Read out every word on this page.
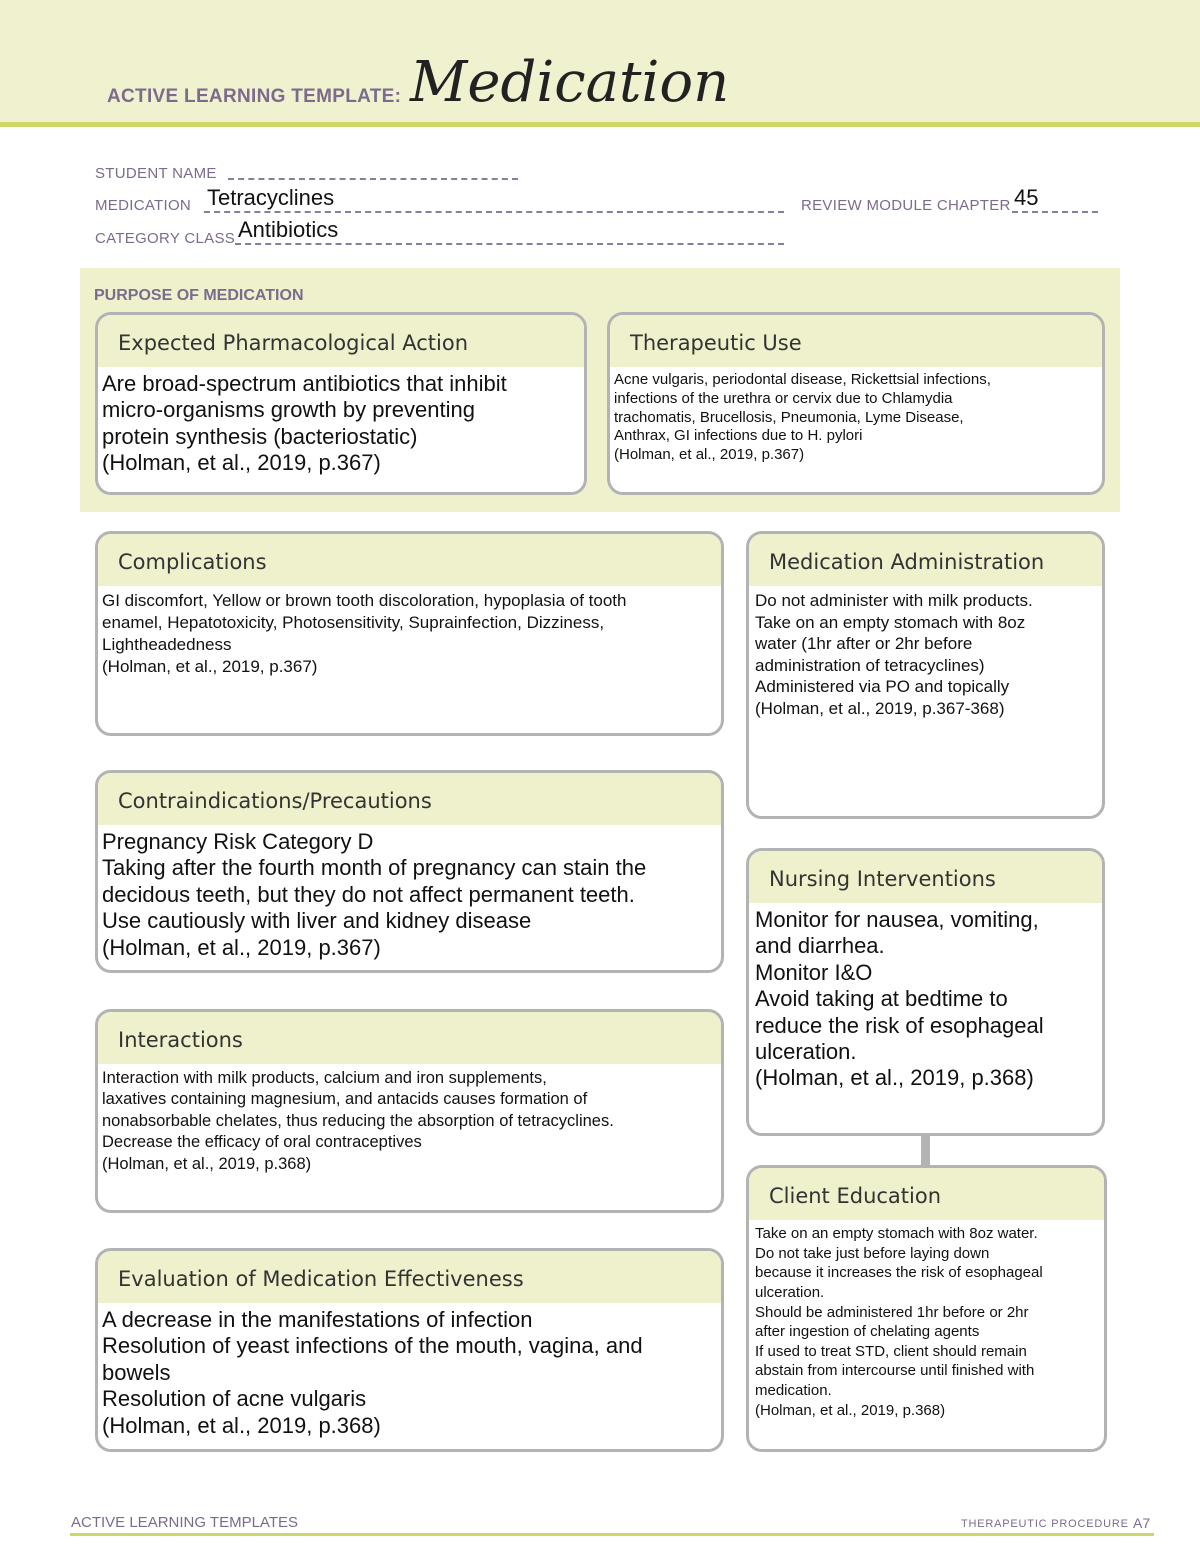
ACTIVE LEARNING TEMPLATE: Medication
STUDENT NAME
MEDICATION Tetracyclines	REVIEW MODULE CHAPTER 45
CATEGORY CLASS Antibiotics
PURPOSE OF MEDICATION
Expected Pharmacological Action
Are broad-spectrum antibiotics that inhibit
micro-organisms growth by preventing
protein synthesis (bacteriostatic)
(Holman, et al., 2019, p.367)
Therapeutic Use
Acne vulgaris, periodontal disease, Rickettsial infections,
infections of the urethra or cervix due to Chlamydia
trachomatis, Brucellosis, Pneumonia, Lyme Disease,
Anthrax, GI infections due to H. pylori
(Holman, et al., 2019, p.367)
Complications
GI discomfort, Yellow or brown tooth discoloration, hypoplasia of tooth
enamel, Hepatotoxicity, Photosensitivity, Suprainfection, Dizziness,
Lightheadedness
(Holman, et al., 2019, p.367)
Medication Administration
Do not administer with milk products.
Take on an empty stomach with 8oz
water (1hr after or 2hr before
administration of tetracyclines)
Administered via PO and topically
(Holman, et al., 2019, p.367-368)
Contraindications/Precautions
Pregnancy Risk Category D
Taking after the fourth month of pregnancy can stain the
decidous teeth, but they do not affect permanent teeth.
Use cautiously with liver and kidney disease
(Holman, et al., 2019, p.367)
Nursing Interventions
Monitor for nausea, vomiting,
and diarrhea.
Monitor I&O
Avoid taking at bedtime to
reduce the risk of esophageal
ulceration.
(Holman, et al., 2019, p.368)
Interactions
Interaction with milk products, calcium and iron supplements,
laxatives containing magnesium, and antacids causes formation of
nonabsorbable chelates, thus reducing the absorption of tetracyclines.
Decrease the efficacy of oral contraceptives
(Holman, et al., 2019, p.368)
Client Education
Take on an empty stomach with 8oz water.
Do not take just before laying down
because it increases the risk of esophageal
ulceration.
Should be administered 1hr before or 2hr
after ingestion of chelating agents
If used to treat STD, client should remain
abstain from intercourse until finished with
medication.
(Holman, et al., 2019, p.368)
Evaluation of Medication Effectiveness
A decrease in the manifestations of infection
Resolution of yeast infections of the mouth, vagina, and
bowels
Resolution of acne vulgaris
(Holman, et al., 2019, p.368)
ACTIVE LEARNING TEMPLATES	THERAPEUTIC PROCEDURE A7
